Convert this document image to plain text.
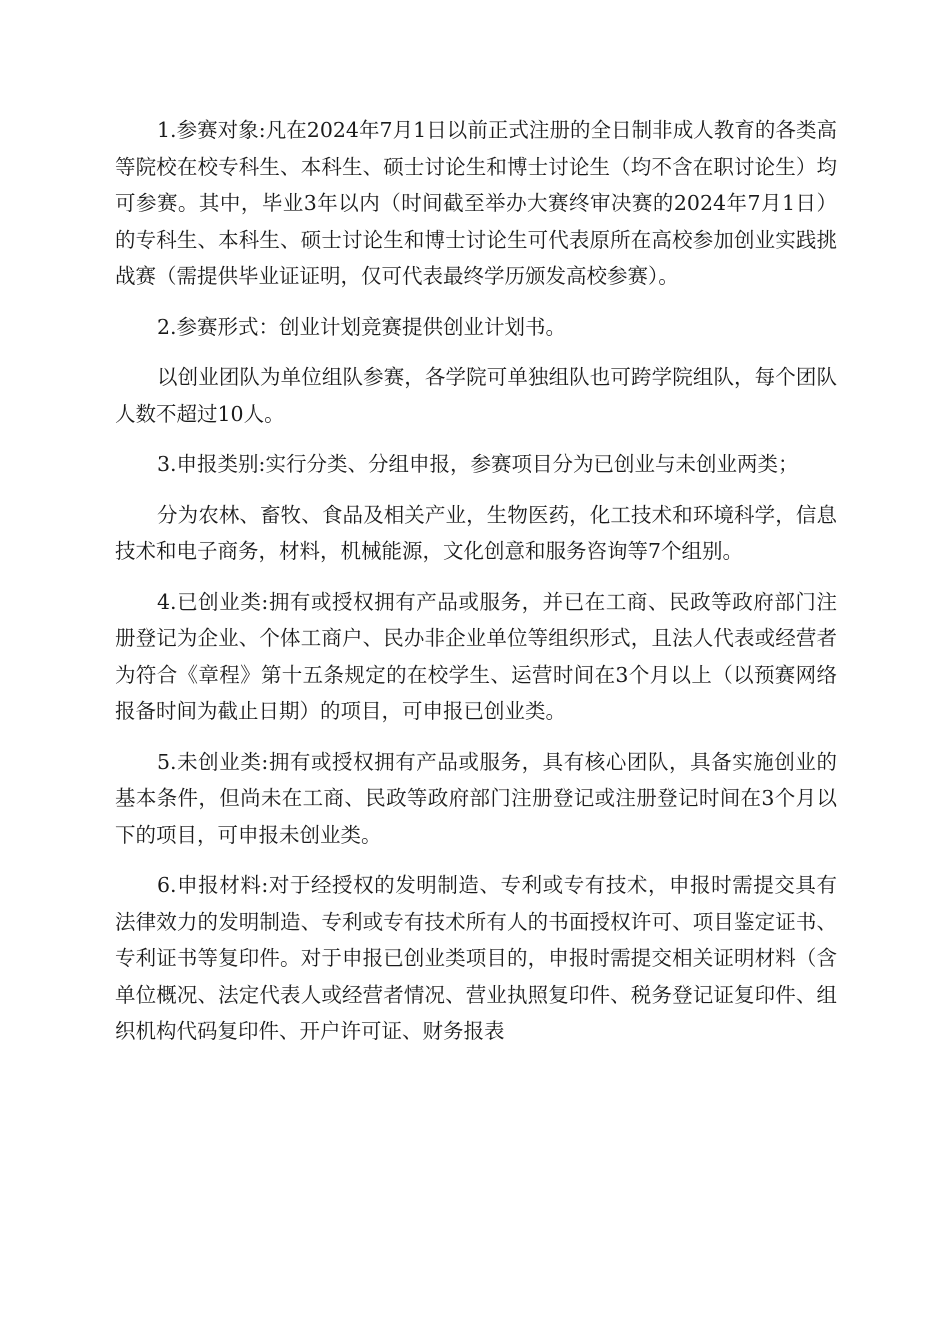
1.参赛对象:凡在2024年7月1日以前正式注册的全日制非成人教育的各类高等院校在校专科生、本科生、硕士讨论生和博士讨论生（均不含在职讨论生）均可参赛。其中，毕业3年以内（时间截至举办大赛终审决赛的2024年7月1日）的专科生、本科生、硕士讨论生和博士讨论生可代表原所在高校参加创业实践挑战赛（需提供毕业证证明，仅可代表最终学历颁发高校参赛）。

2.参赛形式：创业计划竞赛提供创业计划书。

以创业团队为单位组队参赛，各学院可单独组队也可跨学院组队，每个团队人数不超过10人。

3.申报类别:实行分类、分组申报，参赛项目分为已创业与未创业两类；

分为农林、畜牧、食品及相关产业，生物医药，化工技术和环境科学，信息技术和电子商务，材料，机械能源，文化创意和服务咨询等7个组别。

4.已创业类:拥有或授权拥有产品或服务，并已在工商、民政等政府部门注册登记为企业、个体工商户、民办非企业单位等组织形式，且法人代表或经营者为符合《章程》第十五条规定的在校学生、运营时间在3个月以上（以预赛网络报备时间为截止日期）的项目，可申报已创业类。

5.未创业类:拥有或授权拥有产品或服务，具有核心团队，具备实施创业的基本条件，但尚未在工商、民政等政府部门注册登记或注册登记时间在3个月以下的项目，可申报未创业类。

6.申报材料:对于经授权的发明制造、专利或专有技术，申报时需提交具有法律效力的发明制造、专利或专有技术所有人的书面授权许可、项目鉴定证书、专利证书等复印件。对于申报已创业类项目的，申报时需提交相关证明材料（含单位概况、法定代表人或经营者情况、营业执照复印件、税务登记证复印件、组织机构代码复印件、开户许可证、财务报表
